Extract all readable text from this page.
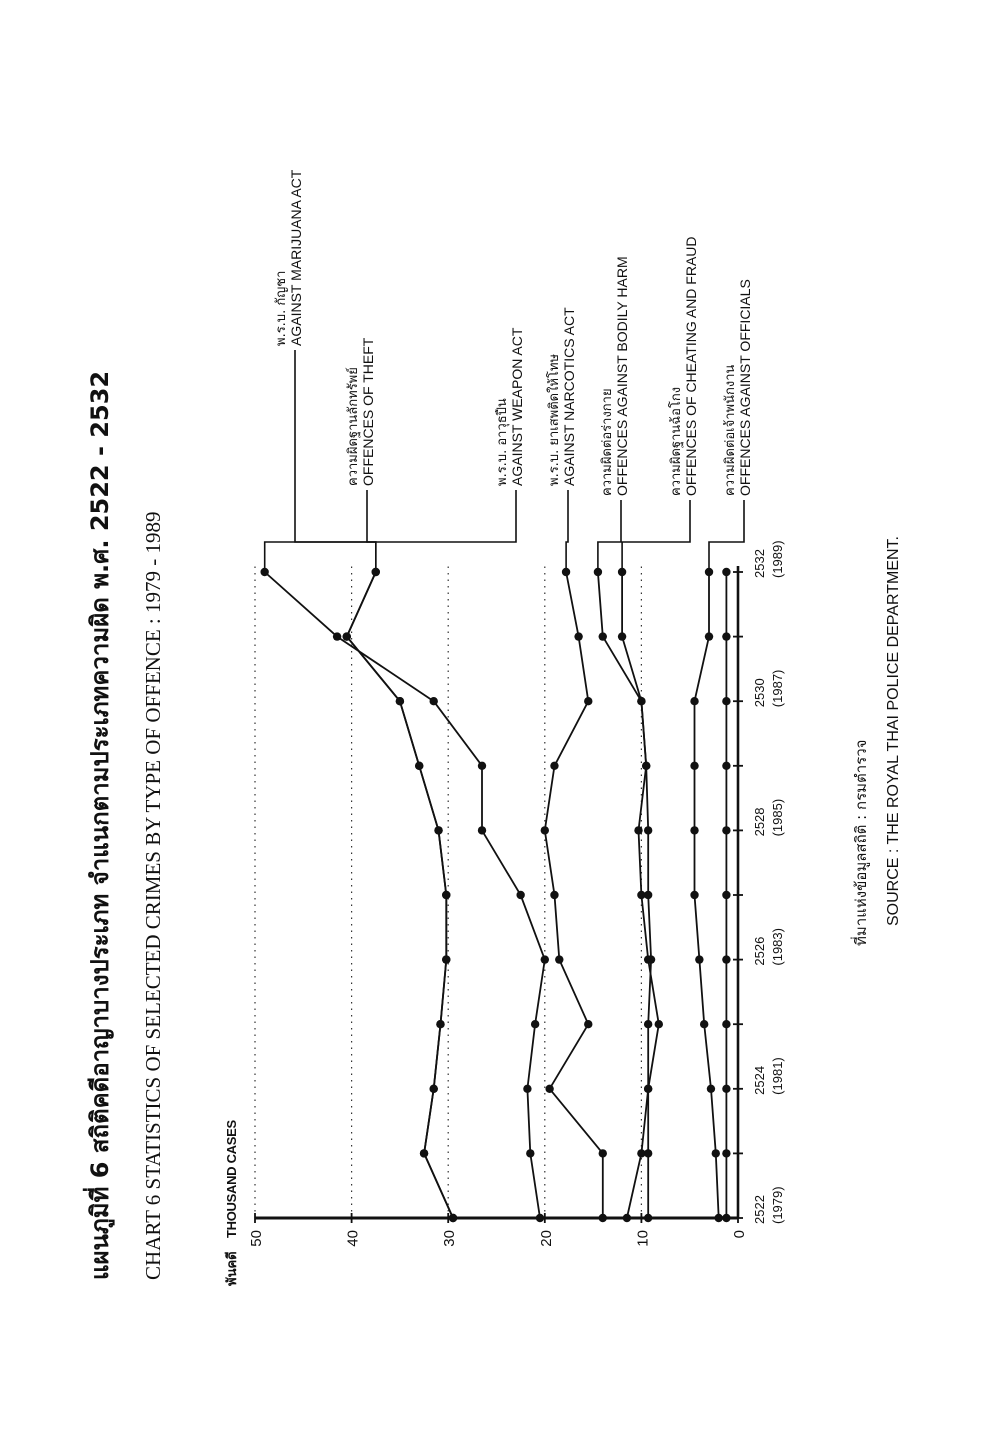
แผนภูมิที่ 6 สถิติคดีอาญาบางประเภท จำแนกตามประเภทความผิด พ.ศ. 2522 - 2532 CHART 6 STATISTICS OF SELECTED CRIMES BY TYPE OF OFFENCE : 1979 - 1989	พันคดี
THOUSAND CASES	0
10
20
30
40
50
2522 (1979)
2524 (1981)
2526 (1983)
2528 (1985)
2530 (1987)
2532 (1989)
พ.ร.บ. กัญชา AGAINST MARIJUANA ACT
ความผิดฐานลักทรัพย์ OFFENCES OF THEFT	พ.ร.บ. อาวุธปืน AGAINST WEAPON ACT พ.ร.บ. ยาเสพติดให้โทษ AGAINST NARCOTICS ACT ความผิดต่อร่างกาย OFFENCES AGAINST BODILY HARM	ความผิดฐานฉ้อโกง OFFENCES OF CHEATING AND FRAUD ความผิดต่อเจ้าพนักงาน OFFENCES AGAINST OFFICIALS
ที่มาแห่งข้อมูลสถิติ : กรมตำรวจ SOURCE : THE ROYAL THAI POLICE DEPARTMENT.
